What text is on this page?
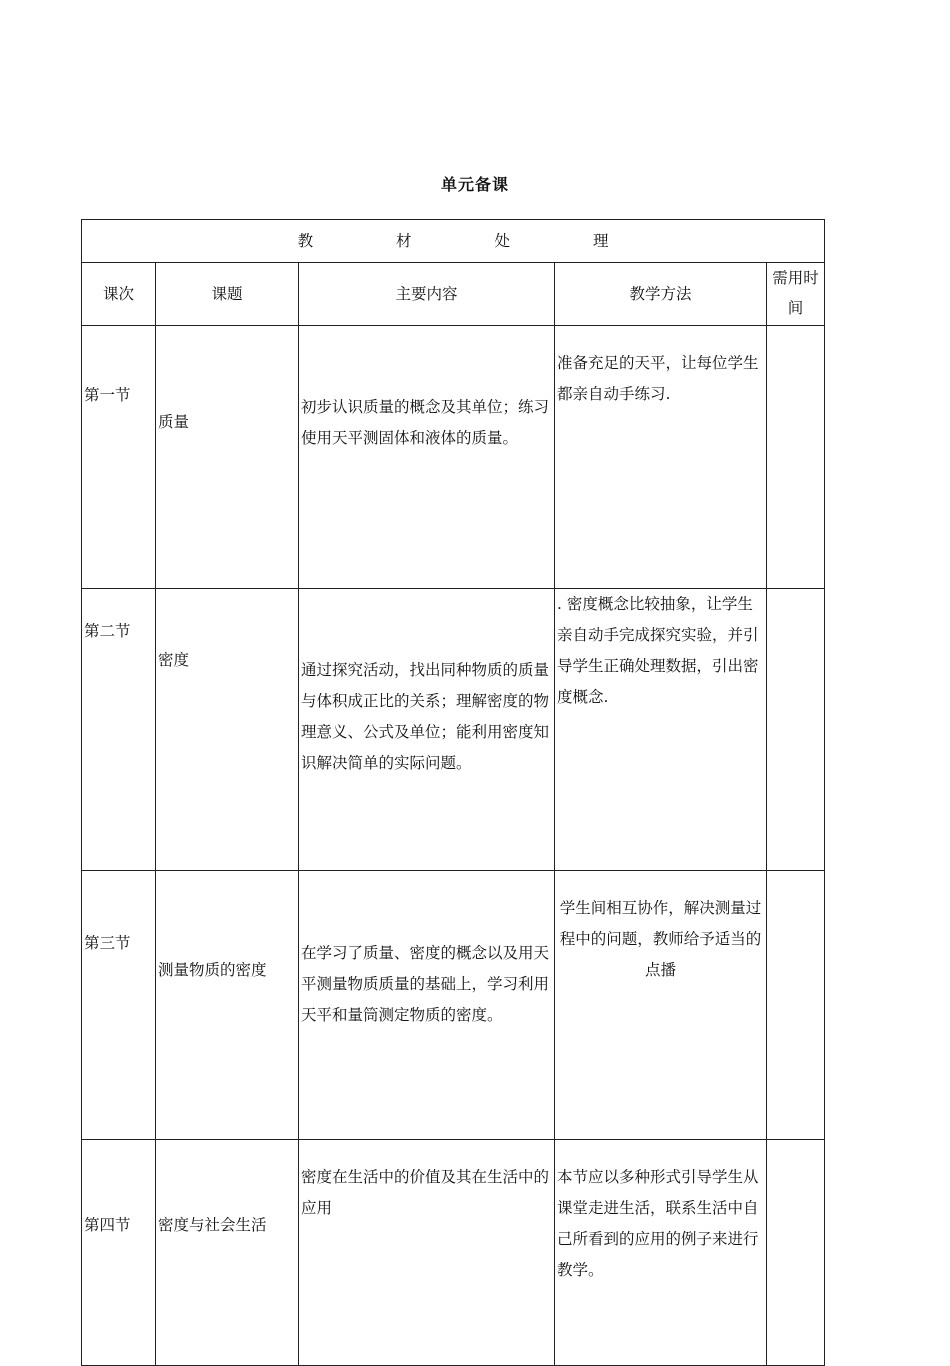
单元备课
教 材 处 理				
课次	课题	主要内容	教学方法	需用时间

第一节	质量	初步认识质量的概念及其单位；练习使用天平测固体和液体的质量。	准备充足的天平，让每位学生都亲自动手练习.	

第二节	密度	通过探究活动，找出同种物质的质量与体积成正比的关系；理解密度的物理意义、公式及单位；能利用密度知识解决简单的实际问题。	. 密度概念比较抽象，让学生亲自动手完成探究实验，并引导学生正确处理数据，引出密度概念.	

第三节	测量物质的密度	在学习了质量、密度的概念以及用天平测量物质质量的基础上，学习利用天平和量筒测定物质的密度。	学生间相互协作，解决测量过程中的问题，教师给予适当的点播	

第四节	密度与社会生活	密度在生活中的价值及其在生活中的应用	本节应以多种形式引导学生从课堂走进生活，联系生活中自己所看到的应用的例子来进行教学。	
